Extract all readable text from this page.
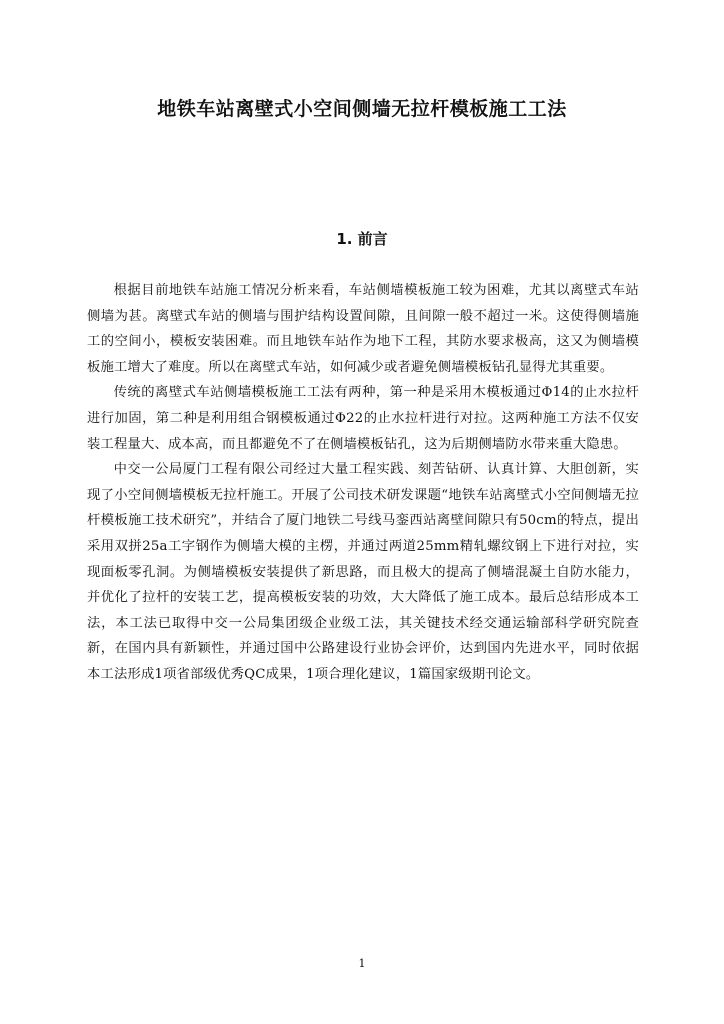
地铁车站离壁式小空间侧墙无拉杆模板施工工法
1. 前言

根据目前地铁车站施工情况分析来看，车站侧墙模板施工较为困难，尤其以离壁式车站侧墙为甚。离壁式车站的侧墙与围护结构设置间隙，且间隙一般不超过一米。这使得侧墙施工的空间小，模板安装困难。而且地铁车站作为地下工程，其防水要求极高，这又为侧墙模板施工增大了难度。所以在离壁式车站，如何减少或者避免侧墙模板钻孔显得尤其重要。

传统的离壁式车站侧墙模板施工工法有两种，第一种是采用木模板通过Φ14的止水拉杆进行加固，第二种是利用组合钢模板通过Φ22的止水拉杆进行对拉。这两种施工方法不仅安装工程量大、成本高，而且都避免不了在侧墙模板钻孔，这为后期侧墙防水带来重大隐患。

中交一公局厦门工程有限公司经过大量工程实践、刻苦钻研、认真计算、大胆创新，实现了小空间侧墙模板无拉杆施工。开展了公司技术研发课题“地铁车站离壁式小空间侧墙无拉杆模板施工技术研究”，并结合了厦门地铁二号线马銮西站离壁间隙只有50cm的特点，提出采用双拼25a工字钢作为侧墙大模的主楞，并通过两道25mm精轧螺纹钢上下进行对拉，实现面板零孔洞。为侧墙模板安装提供了新思路，而且极大的提高了侧墙混凝土自防水能力，并优化了拉杆的安装工艺，提高模板安装的功效，大大降低了施工成本。最后总结形成本工法，本工法已取得中交一公局集团级企业级工法，其关键技术经交通运输部科学研究院查新，在国内具有新颖性，并通过国中公路建设行业协会评价，达到国内先进水平，同时依据本工法形成1项省部级优秀QC成果，1项合理化建议，1篇国家级期刊论文。

1
